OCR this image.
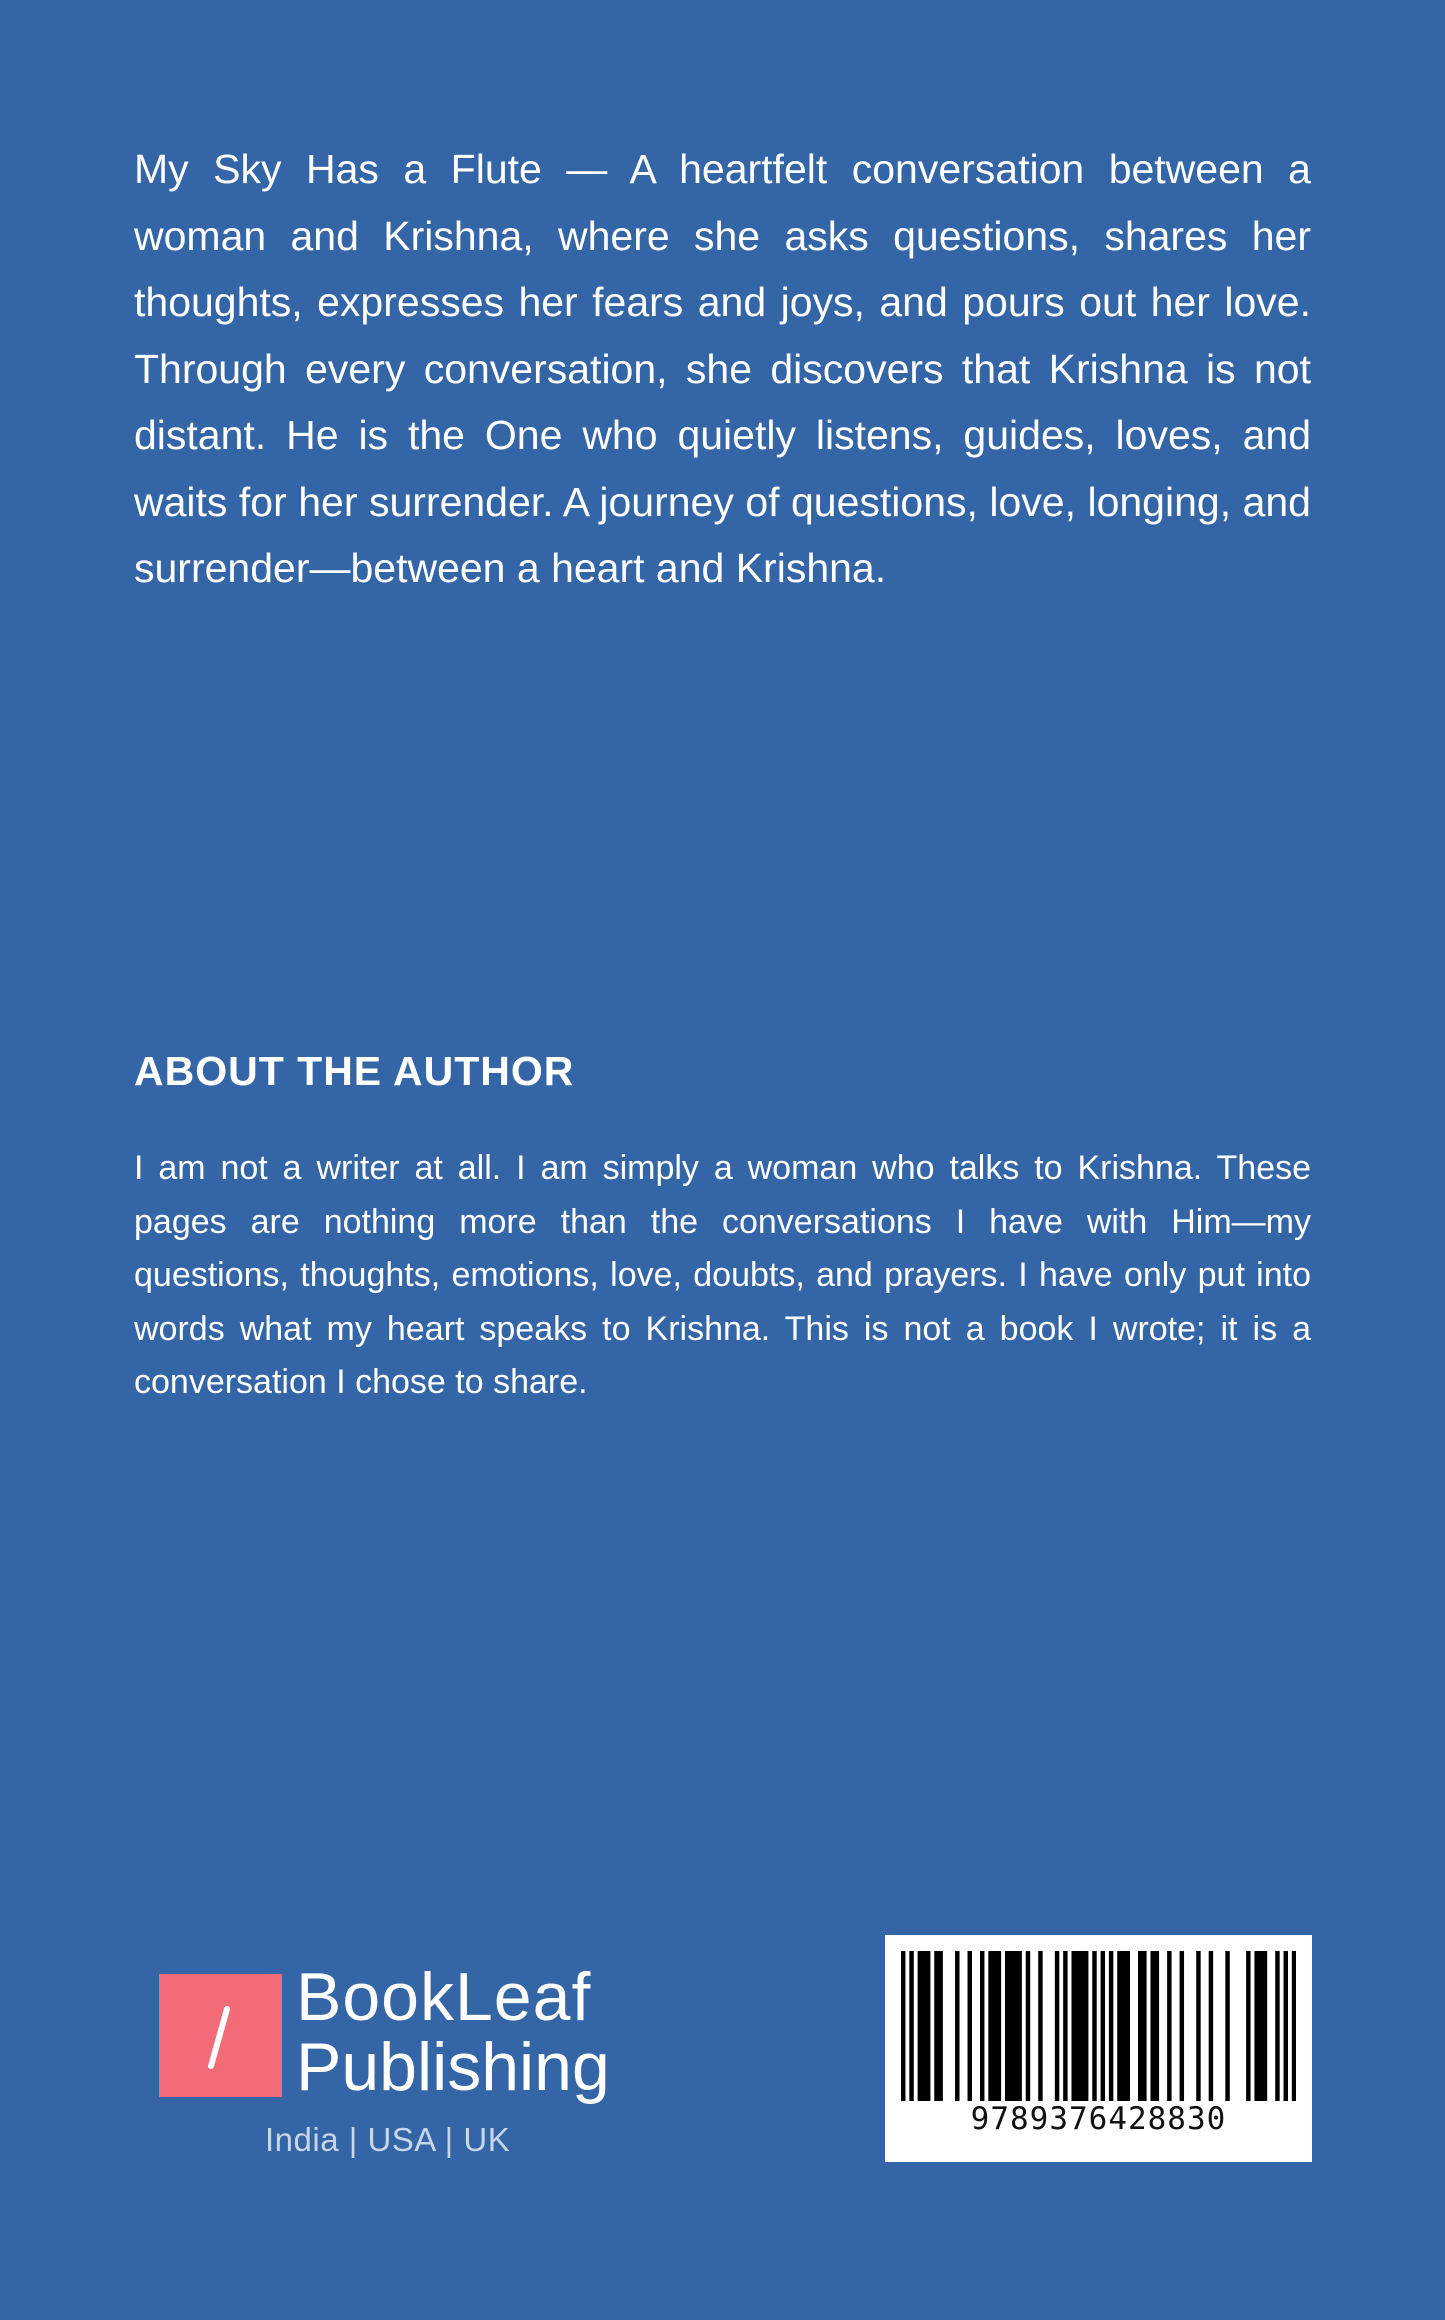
My Sky Has a Flute — A heartfelt conversation between a woman and Krishna, where she asks questions, shares her thoughts, expresses her fears and joys, and pours out her love. Through every conversation, she discovers that Krishna is not distant. He is the One who quietly listens, guides, loves, and waits for her surrender. A journey of questions, love, longing, and surrender—between a heart and Krishna.

ABOUT THE AUTHOR

I am not a writer at all. I am simply a woman who talks to Krishna. These pages are nothing more than the conversations I have with Him—my questions, thoughts, emotions, love, doubts, and prayers. I have only put into words what my heart speaks to Krishna. This is not a book I wrote; it is a conversation I chose to share.

BookLeaf
Publishing
India | USA | UK
9789376428830
